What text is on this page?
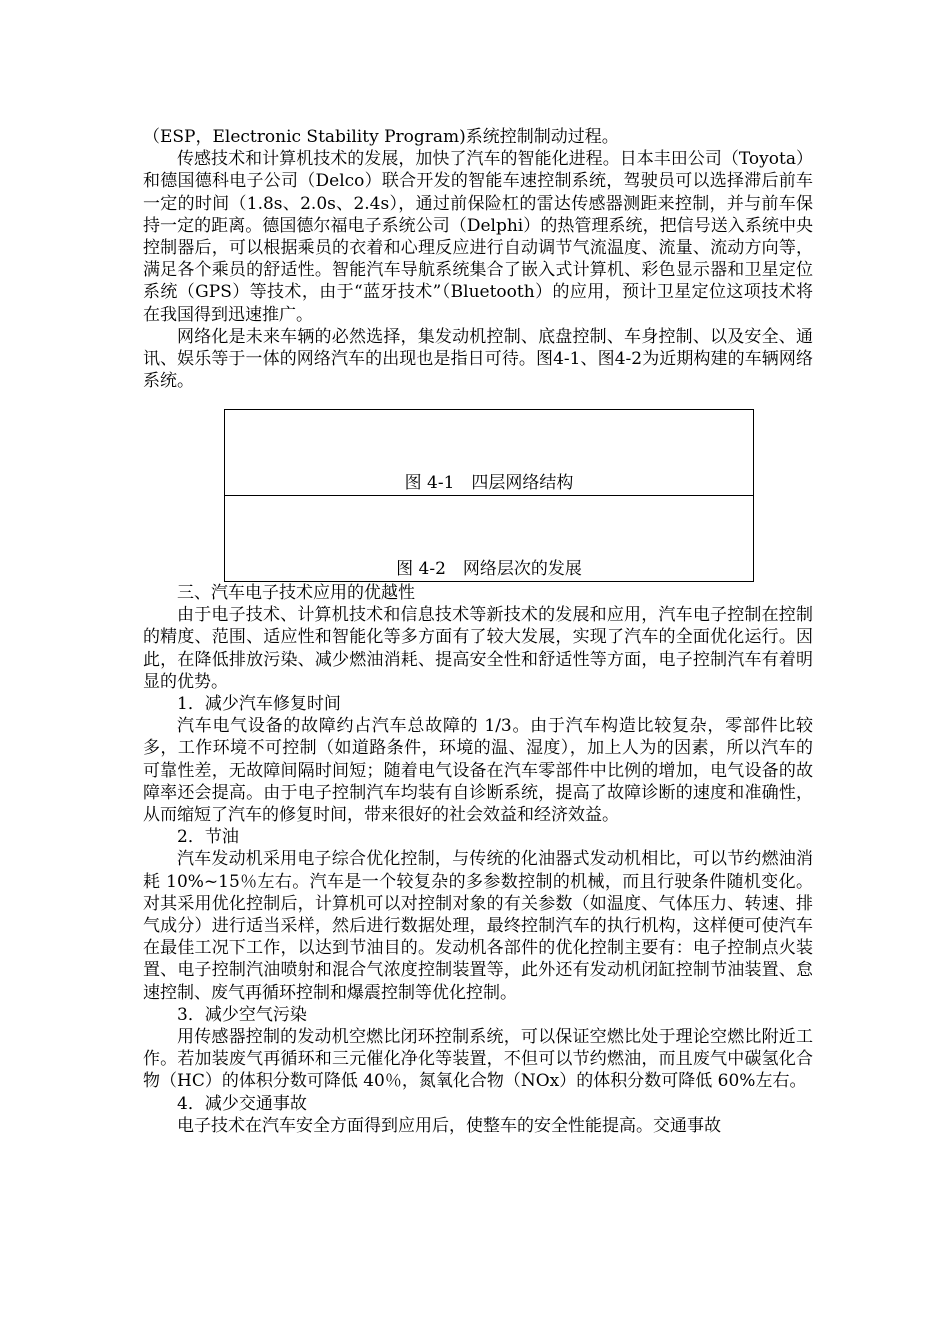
（ESP，Electronic Stability Program)系统控制制动过程。

传感技术和计算机技术的发展，加快了汽车的智能化进程。日本丰田公司（Toyota）和德国德科电子公司（Delco）联合开发的智能车速控制系统，驾驶员可以选择滞后前车一定的时间（1.8s、2.0s、2.4s），通过前保险杠的雷达传感器测距来控制，并与前车保持一定的距离。德国德尔福电子系统公司（Delphi）的热管理系统，把信号送入系统中央控制器后，可以根据乘员的衣着和心理反应进行自动调节气流温度、流量、流动方向等，满足各个乘员的舒适性。智能汽车导航系统集合了嵌入式计算机、彩色显示器和卫星定位系统（GPS）等技术，由于“蓝牙技术”（Bluetooth）的应用，预计卫星定位这项技术将在我国得到迅速推广。

网络化是未来车辆的必然选择，集发动机控制、底盘控制、车身控制、以及安全、通讯、娱乐等于一体的网络汽车的出现也是指日可待。图4-1、图4-2为近期构建的车辆网络系统。

图 4-1　四层网络结构
图 4-2　网络层次的发展

三、汽车电子技术应用的优越性

由于电子技术、计算机技术和信息技术等新技术的发展和应用，汽车电子控制在控制的精度、范围、适应性和智能化等多方面有了较大发展，实现了汽车的全面优化运行。因此，在降低排放污染、减少燃油消耗、提高安全性和舒适性等方面，电子控制汽车有着明显的优势。

1．减少汽车修复时间

汽车电气设备的故障约占汽车总故障的 1/3。由于汽车构造比较复杂，零部件比较多，工作环境不可控制（如道路条件，环境的温、湿度），加上人为的因素，所以汽车的可靠性差，无故障间隔时间短；随着电气设备在汽车零部件中比例的增加，电气设备的故障率还会提高。由于电子控制汽车均装有自诊断系统，提高了故障诊断的速度和准确性，从而缩短了汽车的修复时间，带来很好的社会效益和经济效益。

2．节油

汽车发动机采用电子综合优化控制，与传统的化油器式发动机相比，可以节约燃油消耗 10%~15％左右。汽车是一个较复杂的多参数控制的机械，而且行驶条件随机变化。对其采用优化控制后，计算机可以对控制对象的有关参数（如温度、气体压力、转速、排气成分）进行适当采样，然后进行数据处理，最终控制汽车的执行机构，这样便可使汽车在最佳工况下工作，以达到节油目的。发动机各部件的优化控制主要有：电子控制点火装置、电子控制汽油喷射和混合气浓度控制装置等，此外还有发动机闭缸控制节油装置、怠速控制、废气再循环控制和爆震控制等优化控制。

3．减少空气污染

用传感器控制的发动机空燃比闭环控制系统，可以保证空燃比处于理论空燃比附近工作。若加装废气再循环和三元催化净化等装置，不但可以节约燃油，而且废气中碳氢化合物（HC）的体积分数可降低 40％，氮氧化合物（NOx）的体积分数可降低 60%左右。

4．减少交通事故

电子技术在汽车安全方面得到应用后，使整车的安全性能提高。交通事故
